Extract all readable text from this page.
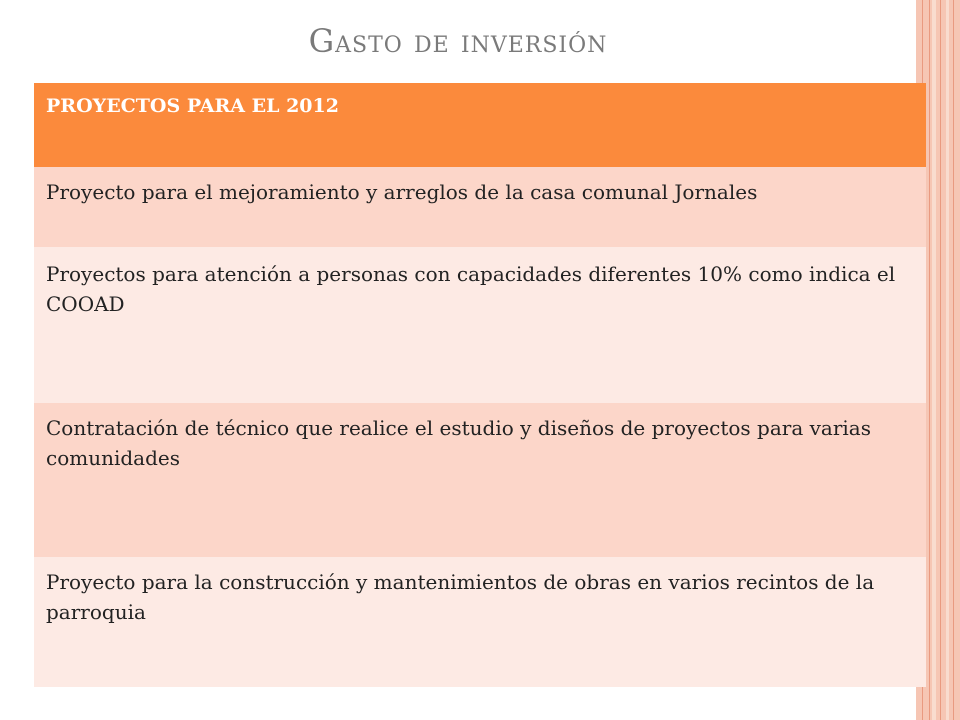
Gasto de inversión
PROYECTOS PARA EL 2012
Proyecto para el mejoramiento y arreglos de la casa comunal Jornales
Proyectos para atención a personas con capacidades diferentes 10% como indica el COOAD
Contratación de técnico que realice el estudio y diseños de proyectos para varias comunidades
Proyecto para la construcción y mantenimientos de obras en varios recintos de la parroquia
